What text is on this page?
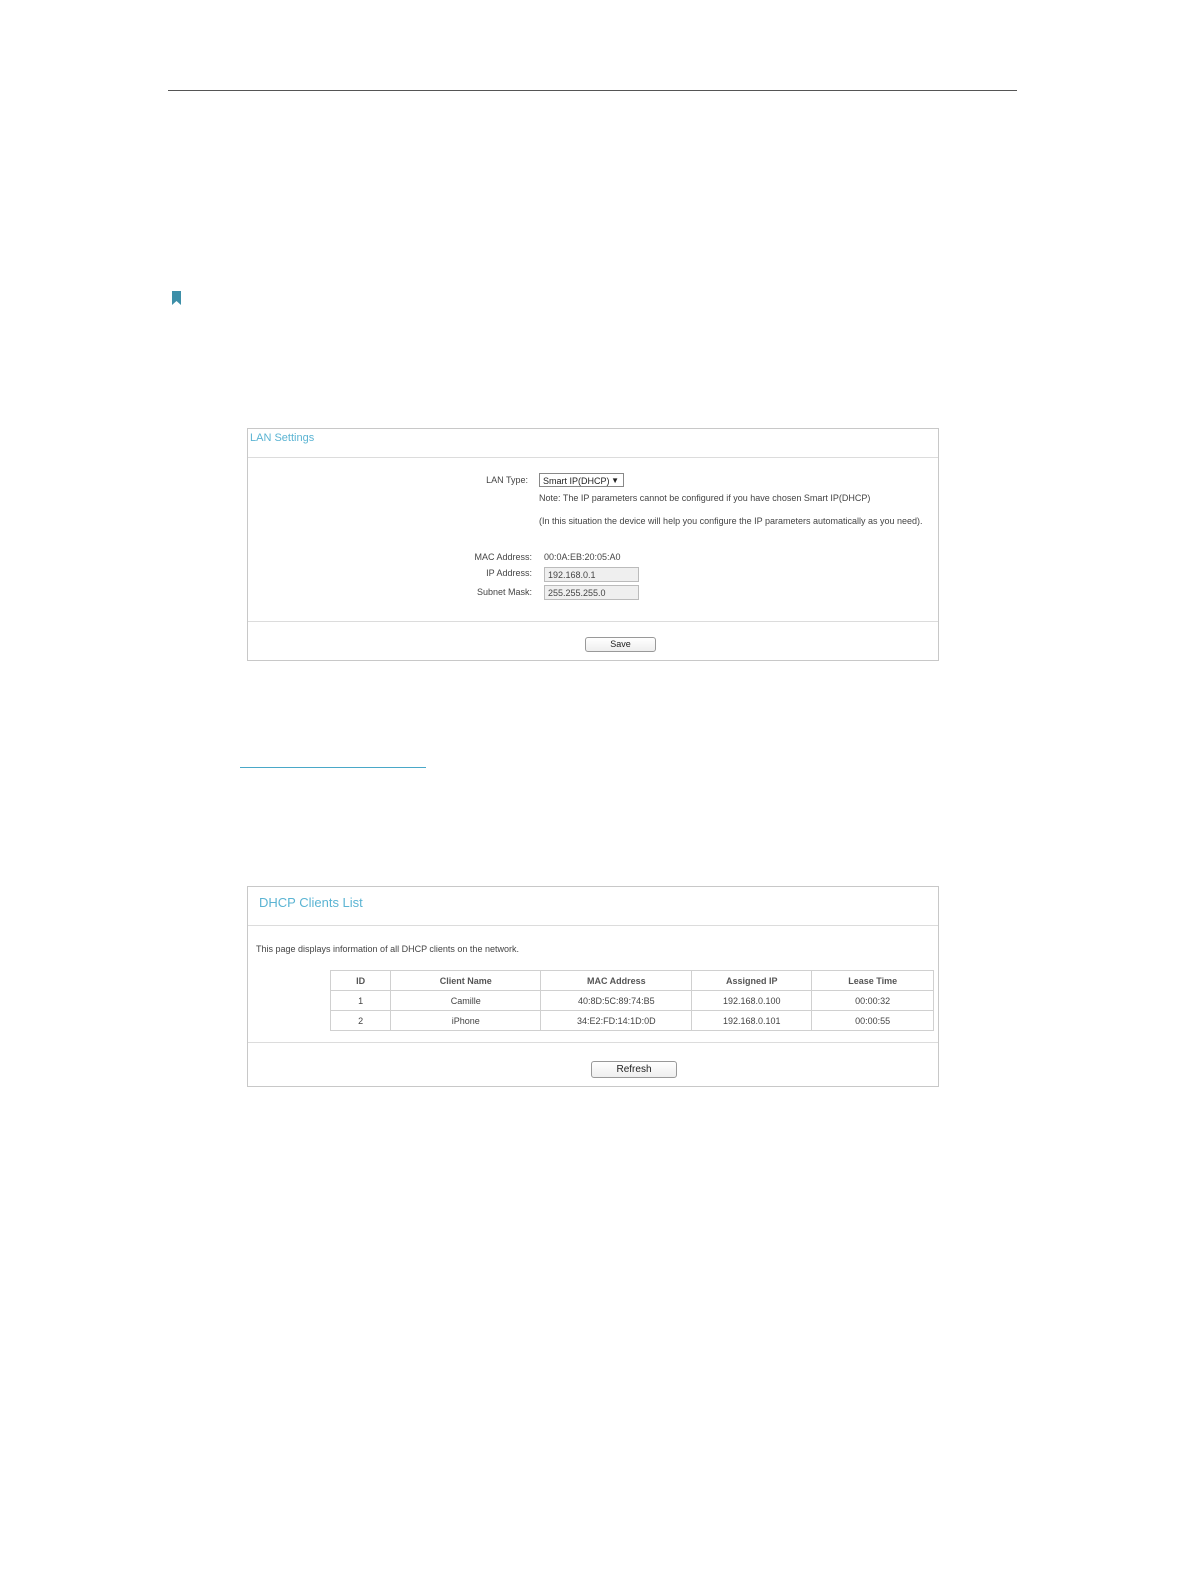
LAN Settings
LAN Type:	Smart IP(DHCP) ▼
Note: The IP parameters cannot be configured if you have chosen Smart IP(DHCP)
(In this situation the device will help you configure the IP parameters automatically as you need).
MAC Address: 00:0A:EB:20:05:A0
IP Address:	192.168.0.1
Subnet Mask:	255.255.255.0
Save
DHCP Clients List
This page displays information of all DHCP clients on the network.
ID	Client Name	MAC Address	Assigned IP	Lease Time
1	Camille	40:8D:5C:89:74:B5	192.168.0.100	00:00:32
2	iPhone	34:E2:FD:14:1D:0D	192.168.0.101	00:00:55
Refresh
